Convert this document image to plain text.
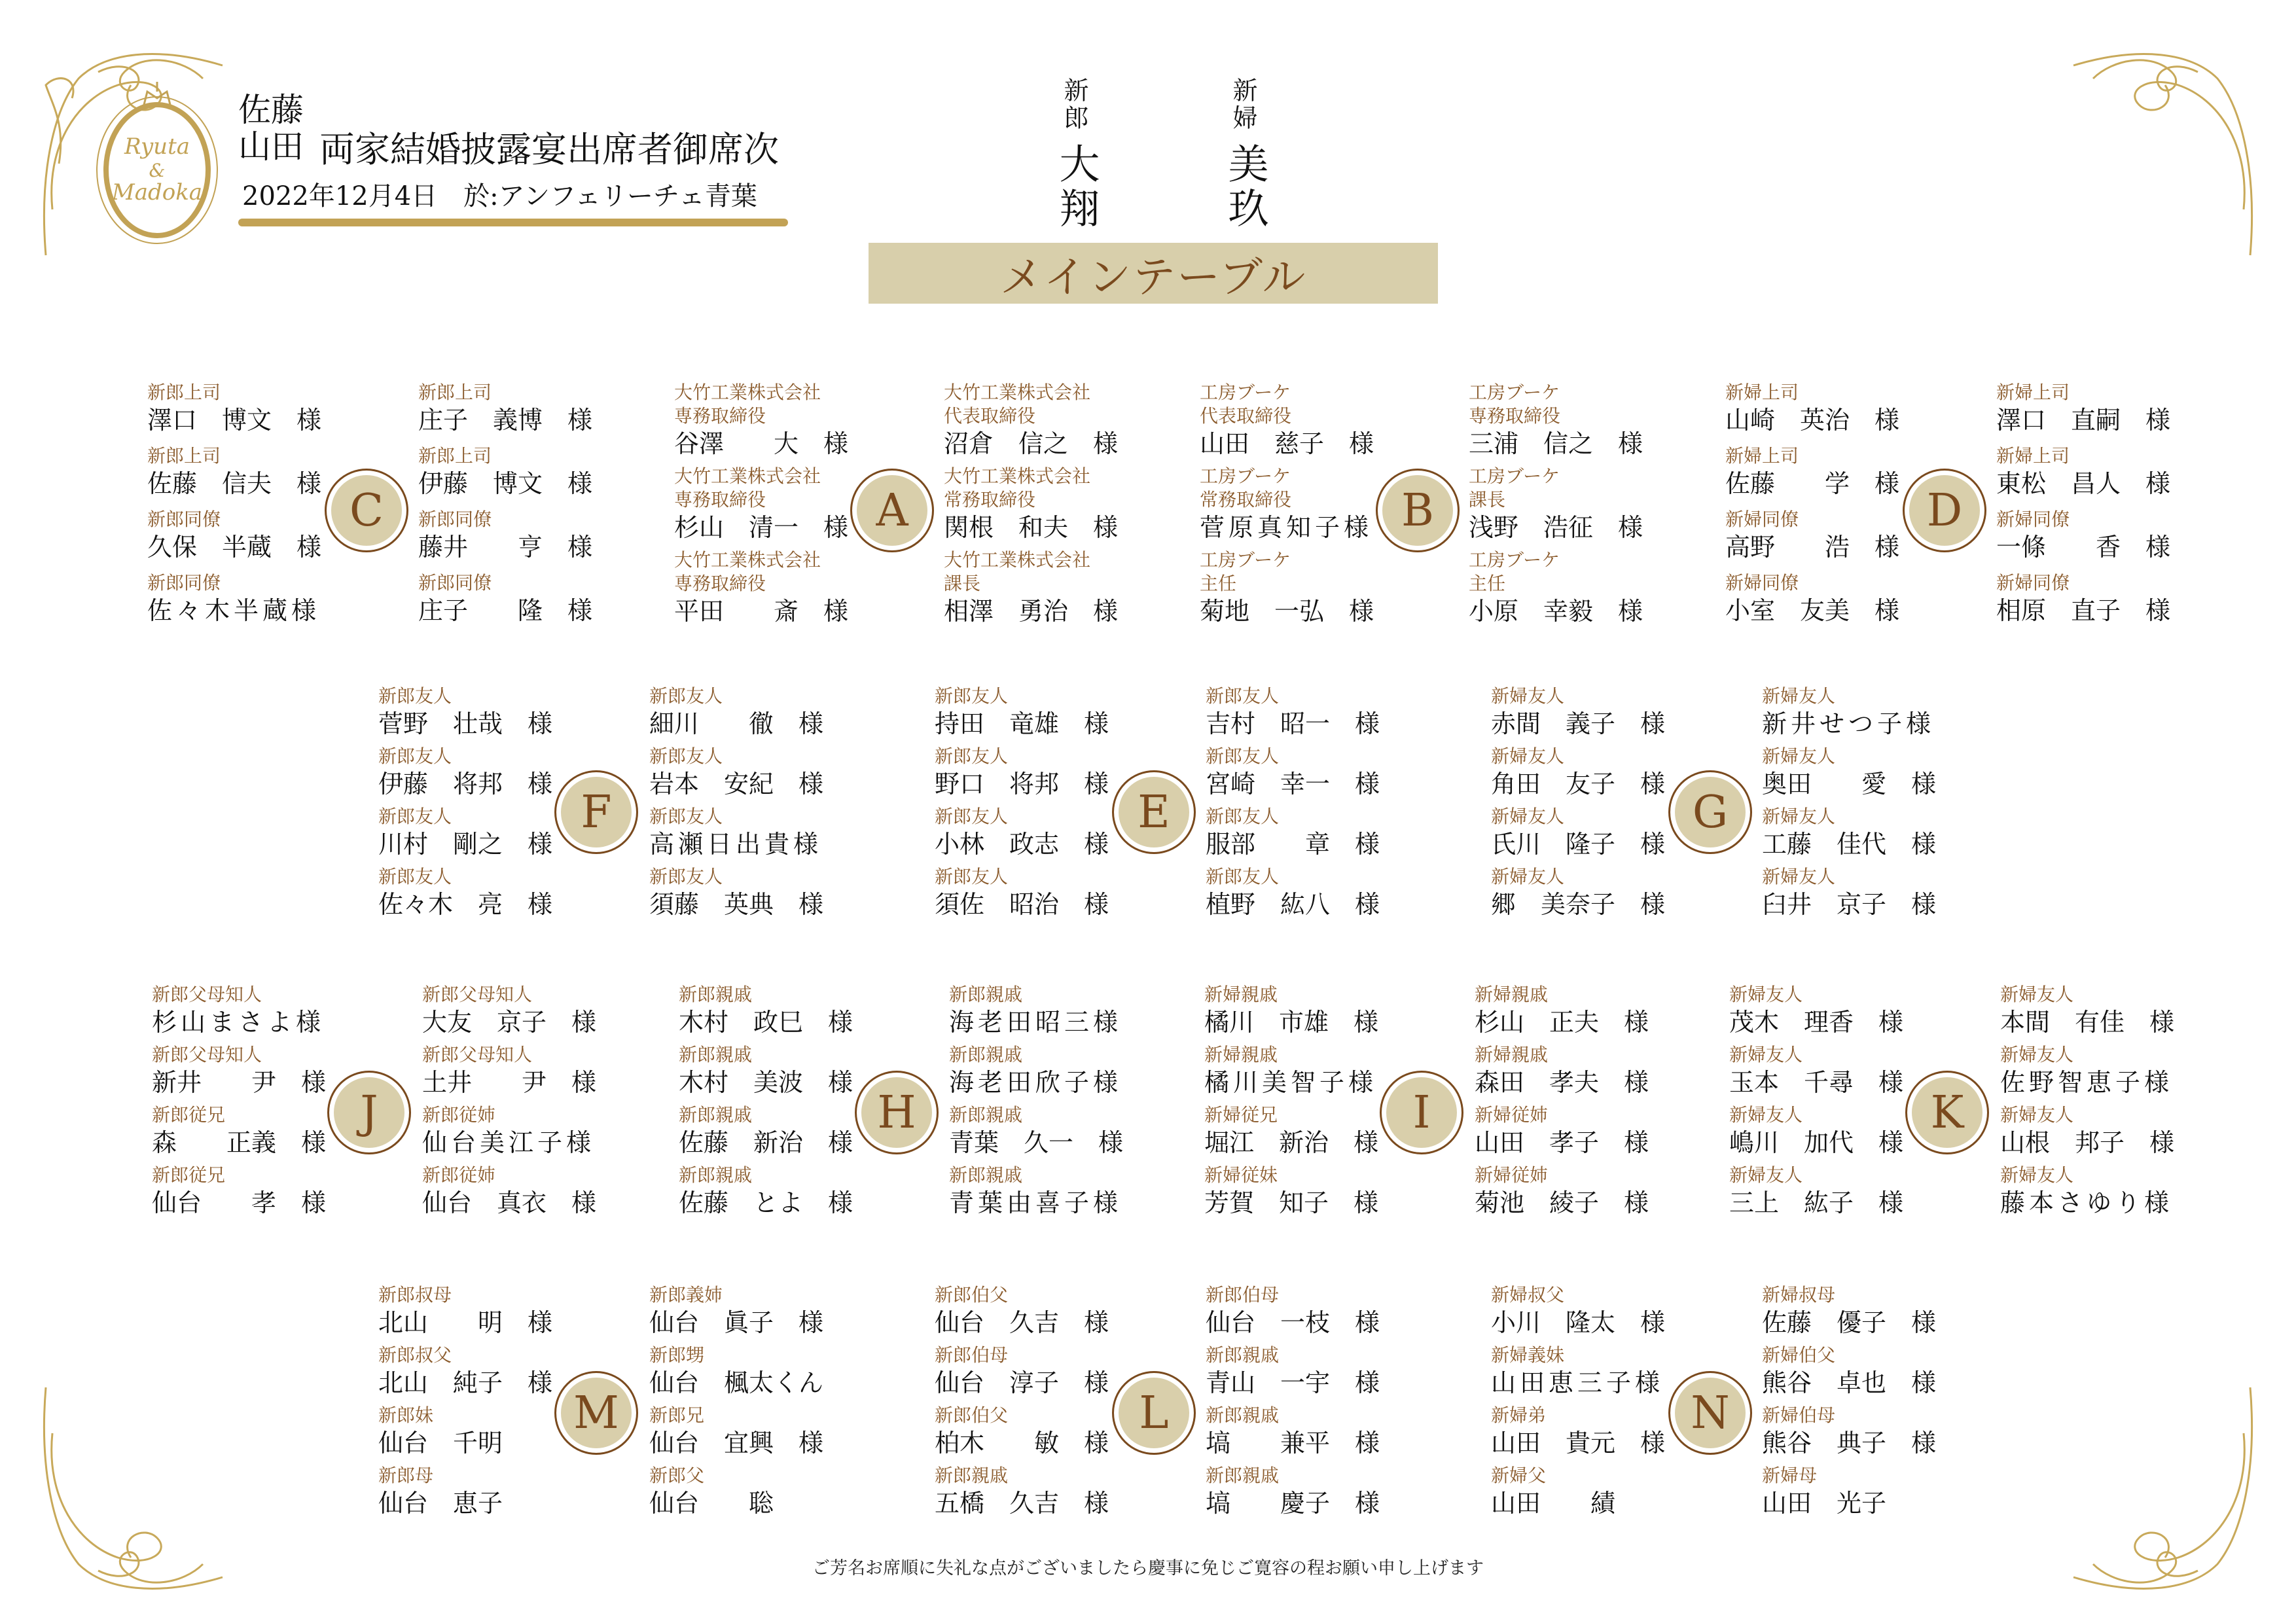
Ryuta
&
Madoka
佐藤
山田 両家結婚披露宴出席者御席次
2022年12月4日　於:アンフェリーチェ青葉
新郎
大翔
新婦
美玖
メインテーブル
新郎上司
澤口　博文　様
新郎上司
佐藤　信夫　様
新郎同僚
久保　半蔵　様
新郎同僚
佐々木半蔵様
新郎上司
庄子　義博　様
新郎上司
伊藤　博文　様
新郎同僚
藤井　　亨　様
新郎同僚
庄子　　隆　様
C
大竹工業株式会社
専務取締役
谷澤　　大　様
大竹工業株式会社
専務取締役
杉山　清一　様
大竹工業株式会社
専務取締役
平田　　斎　様
大竹工業株式会社
代表取締役
沼倉　信之　様
大竹工業株式会社
常務取締役
関根　和夫　様
大竹工業株式会社
課長
相澤　勇治　様
A
工房ブーケ
代表取締役
山田　慈子　様
工房ブーケ
常務取締役
菅原真知子様
工房ブーケ
主任
菊地　一弘　様
工房ブーケ
専務取締役
三浦　信之　様
工房ブーケ
課長
浅野　浩征　様
工房ブーケ
主任
小原　幸毅　様
B
新婦上司
山崎　英治　様
新婦上司
佐藤　　学　様
新婦同僚
高野　　浩　様
新婦同僚
小室　友美　様
新婦上司
澤口　直嗣　様
新婦上司
東松　昌人　様
新婦同僚
一條　　香　様
新婦同僚
相原　直子　様
D
新郎友人
菅野　壮哉　様
新郎友人
伊藤　将邦　様
新郎友人
川村　剛之　様
新郎友人
佐々木　亮　様
新郎友人
細川　　徹　様
新郎友人
岩本　安紀　様
新郎友人
高瀬日出貴様
新郎友人
須藤　英典　様
F
新郎友人
持田　竜雄　様
新郎友人
野口　将邦　様
新郎友人
小林　政志　様
新郎友人
須佐　昭治　様
新郎友人
吉村　昭一　様
新郎友人
宮崎　幸一　様
新郎友人
服部　　章　様
新郎友人
植野　紘八　様
E
新婦友人
赤間　義子　様
新婦友人
角田　友子　様
新婦友人
氏川　隆子　様
新婦友人
郷　美奈子　様
新婦友人
新井せつ子様
新婦友人
奥田　　愛　様
新婦友人
工藤　佳代　様
新婦友人
臼井　京子　様
G
新郎父母知人
杉山まさよ様
新郎父母知人
新井　　尹　様
新郎従兄
森　　正義　様
新郎従兄
仙台　　孝　様
新郎父母知人
大友　京子　様
新郎父母知人
土井　　尹　様
新郎従姉
仙台美江子様
新郎従姉
仙台　真衣　様
J
新郎親戚
木村　政巳　様
新郎親戚
木村　美波　様
新郎親戚
佐藤　新治　様
新郎親戚
佐藤　とよ　様
新郎親戚
海老田昭三様
新郎親戚
海老田欣子様
新郎親戚
青葉　久一　様
新郎親戚
青葉由喜子様
H
新婦親戚
橘川　市雄　様
新婦親戚
橘川美智子様
新婦従兄
堀江　新治　様
新婦従妹
芳賀　知子　様
新婦親戚
杉山　正夫　様
新婦親戚
森田　孝夫　様
新婦従姉
山田　孝子　様
新婦従姉
菊池　綾子　様
I
新婦友人
茂木　理香　様
新婦友人
玉本　千尋　様
新婦友人
嶋川　加代　様
新婦友人
三上　紘子　様
新婦友人
本間　有佳　様
新婦友人
佐野智恵子様
新婦友人
山根　邦子　様
新婦友人
藤本さゆり様
K
新郎叔母
北山　　明　様
新郎叔父
北山　純子　様
新郎妹
仙台　千明
新郎母
仙台　恵子
新郎義姉
仙台　眞子　様
新郎甥
仙台　楓太くん
新郎兄
仙台　宜興　様
新郎父
仙台　　聡
M
新郎伯父
仙台　久吉　様
新郎伯母
仙台　淳子　様
新郎伯父
柏木　　敏　様
新郎親戚
五橋　久吉　様
新郎伯母
仙台　一枝　様
新郎親戚
青山　一宇　様
新郎親戚
塙　　兼平　様
新郎親戚
塙　　慶子　様
L
新婦叔父
小川　隆太　様
新婦義妹
山田恵三子様
新婦弟
山田　貴元　様
新婦父
山田　　績
新婦叔母
佐藤　優子　様
新婦伯父
熊谷　卓也　様
新婦伯母
熊谷　典子　様
新婦母
山田　光子
N
ご芳名お席順に失礼な点がございましたら慶事に免じご寛容の程お願い申し上げます
